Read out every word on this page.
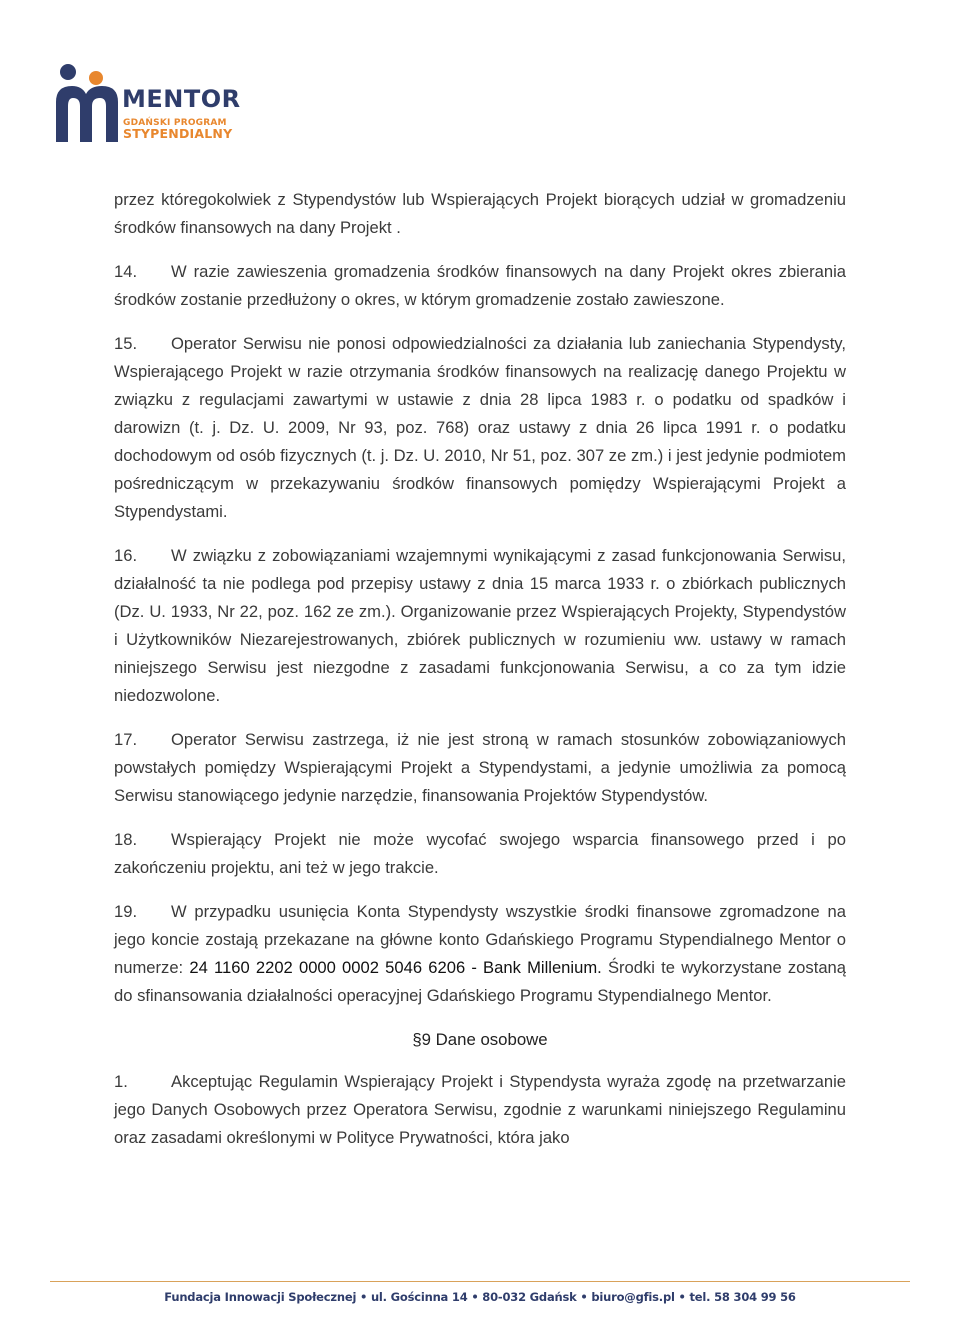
MENTOR
GDAŃSKI PROGRAM
STYPENDIALNY

przez któregokolwiek z Stypendystów lub Wspierających Projekt biorących udział w gromadzeniu środków finansowych na dany Projekt .

14. W razie zawieszenia gromadzenia środków finansowych na dany Projekt okres zbierania środków zostanie przedłużony o okres, w którym gromadzenie zostało zawieszone.

15. Operator Serwisu nie ponosi odpowiedzialności za działania lub zaniechania Stypendysty, Wspierającego Projekt w razie otrzymania środków finansowych na realizację danego Projektu w związku z regulacjami zawartymi w ustawie z dnia 28 lipca 1983 r. o podatku od spadków i darowizn (t. j. Dz. U. 2009, Nr 93, poz. 768) oraz ustawy z dnia 26 lipca 1991 r. o podatku dochodowym od osób fizycznych (t. j. Dz. U. 2010, Nr 51, poz. 307 ze zm.) i jest jedynie podmiotem pośredniczącym w przekazywaniu środków finansowych pomiędzy Wspierającymi Projekt a Stypendystami.

16. W związku z zobowiązaniami wzajemnymi wynikającymi z zasad funkcjonowania Serwisu, działalność ta nie podlega pod przepisy ustawy z dnia 15 marca 1933 r. o zbiórkach publicznych (Dz. U. 1933, Nr 22, poz. 162 ze zm.). Organizowanie przez Wspierających Projekty, Stypendystów i Użytkowników Niezarejestrowanych, zbiórek publicznych w rozumieniu ww. ustawy w ramach niniejszego Serwisu jest niezgodne z zasadami funkcjonowania Serwisu, a co za tym idzie niedozwolone.

17. Operator Serwisu zastrzega, iż nie jest stroną w ramach stosunków zobowiązaniowych powstałych pomiędzy Wspierającymi Projekt a Stypendystami, a jedynie umożliwia za pomocą Serwisu stanowiącego jedynie narzędzie, finansowania Projektów Stypendystów.

18. Wspierający Projekt nie może wycofać swojego wsparcia finansowego przed i po zakończeniu projektu, ani też w jego trakcie.

19. W przypadku usunięcia Konta Stypendysty wszystkie środki finansowe zgromadzone na jego koncie zostają przekazane na główne konto Gdańskiego Programu Stypendialnego Mentor o numerze: 24 1160 2202 0000 0002 5046 6206 - Bank Millenium. Środki te wykorzystane zostaną do sfinansowania działalności operacyjnej Gdańskiego Programu Stypendialnego Mentor.

§9 Dane osobowe

1.	Akceptując Regulamin Wspierający Projekt i Stypendysta wyraża zgodę na przetwarzanie jego Danych Osobowych przez Operatora Serwisu, zgodnie z warunkami niniejszego Regulaminu oraz zasadami określonymi w Polityce Prywatności, która jako

Fundacja Innowacji Społecznej • ul. Gościnna 14 • 80-032 Gdańsk • biuro@gfis.pl • tel. 58 304 99 56
